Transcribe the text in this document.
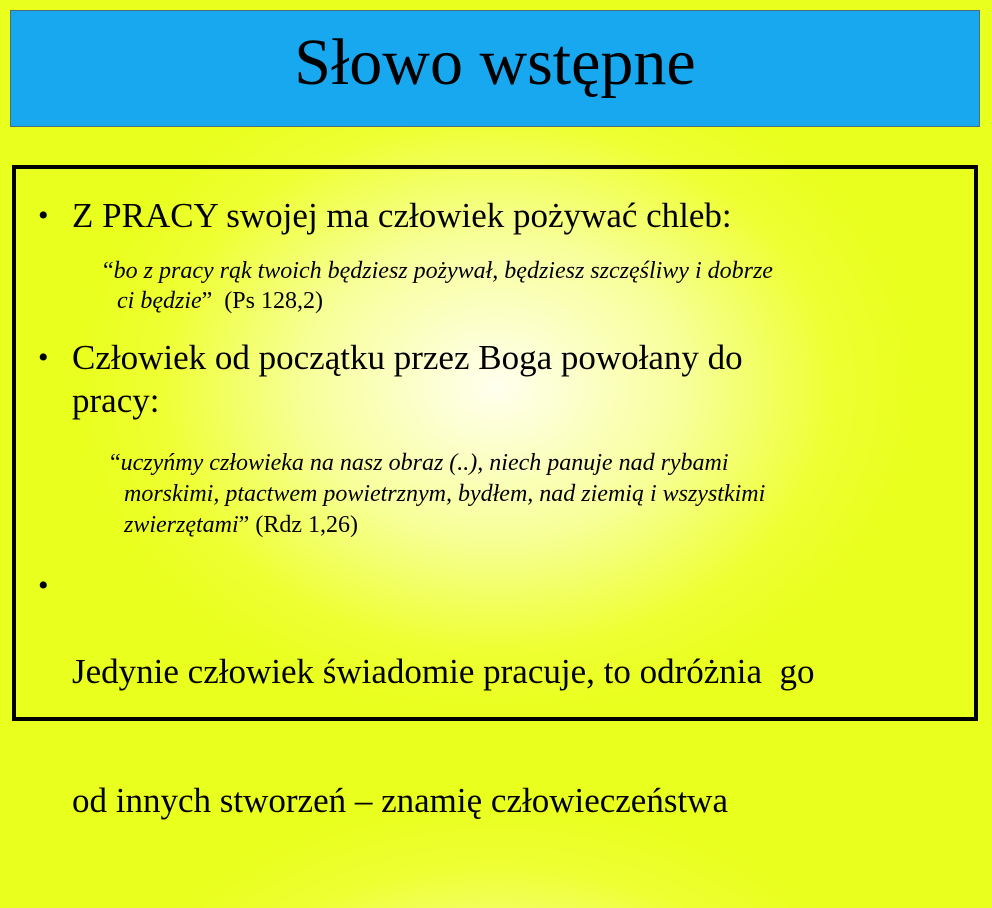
Słowo wstępne
• Z PRACY swojej ma człowiek pożywać chleb:
“bo z pracy rąk twoich będziesz pożywał, będziesz szczęśliwy i dobrze
ci będzie”  (Ps 128,2)
• Człowiek od początku przez Boga powołany do
pracy:
“uczyńmy człowieka na nasz obraz (..), niech panuje nad rybami
morskimi, ptactwem powietrznym, bydłem, nad ziemią i wszystkimi
zwierzętami” (Rdz 1,26)
•

Jedynie człowiek świadomie pracuje, to odróżnia  go

od innych stworzeń – znamię człowieczeństwa
